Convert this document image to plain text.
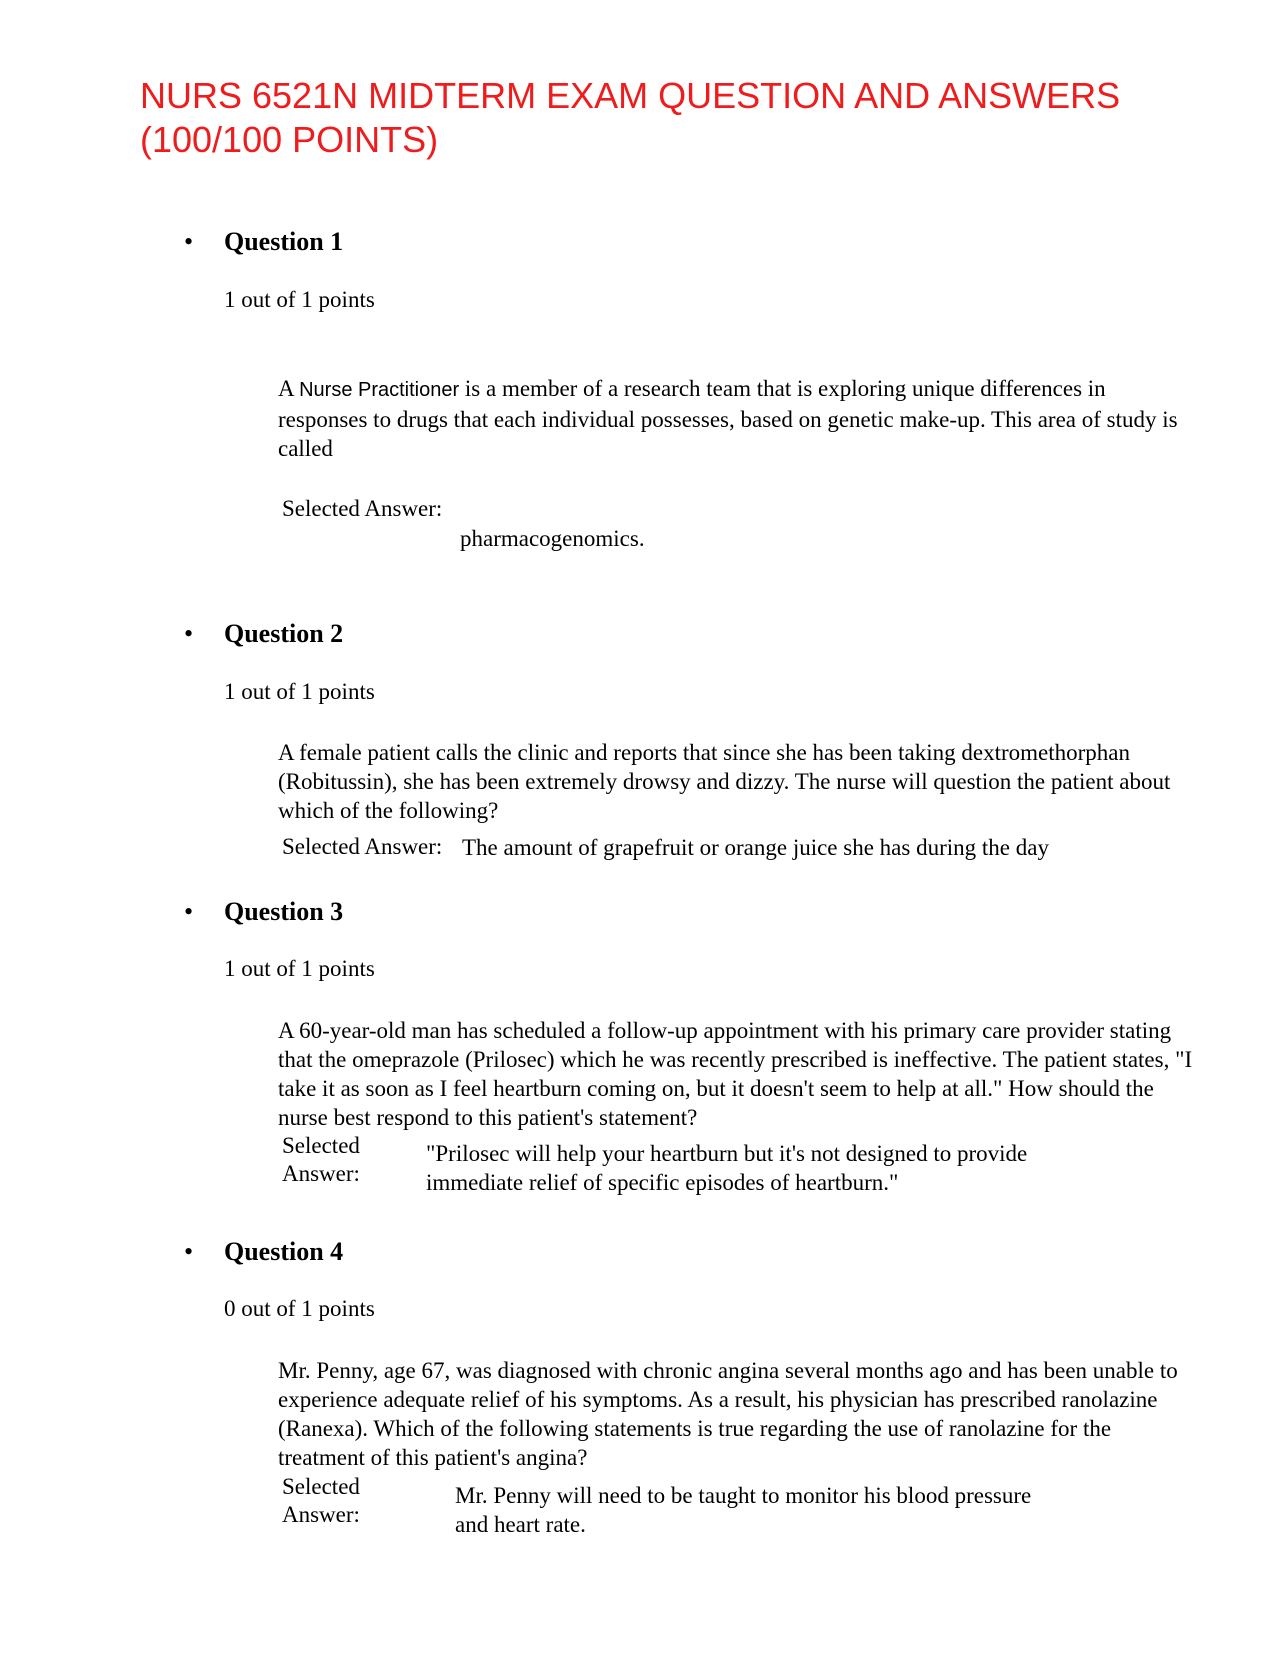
NURS 6521N MIDTERM EXAM QUESTION AND ANSWERS (100/100 POINTS)
• Question 1
1 out of 1 points
A Nurse Practitioner is a member of a research team that is exploring unique differences in responses to drugs that each individual possesses, based on genetic make-up. This area of study is called
Selected Answer:
pharmacogenomics.
• Question 2
1 out of 1 points
A female patient calls the clinic and reports that since she has been taking dextromethorphan (Robitussin), she has been extremely drowsy and dizzy. The nurse will question the patient about which of the following?
Selected Answer: The amount of grapefruit or orange juice she has during the day
• Question 3
1 out of 1 points
A 60-year-old man has scheduled a follow-up appointment with his primary care provider stating that the omeprazole (Prilosec) which he was recently prescribed is ineffective. The patient states, "I take it as soon as I feel heartburn coming on, but it doesn't seem to help at all." How should the nurse best respond to this patient's statement?
Selected
Answer:
"Prilosec will help your heartburn but it's not designed to provide
immediate relief of specific episodes of heartburn."
• Question 4
0 out of 1 points
Mr. Penny, age 67, was diagnosed with chronic angina several months ago and has been unable to experience adequate relief of his symptoms. As a result, his physician has prescribed ranolazine (Ranexa). Which of the following statements is true regarding the use of ranolazine for the treatment of this patient's angina?
Selected
Answer:
Mr. Penny will need to be taught to monitor his blood pressure
and heart rate.
